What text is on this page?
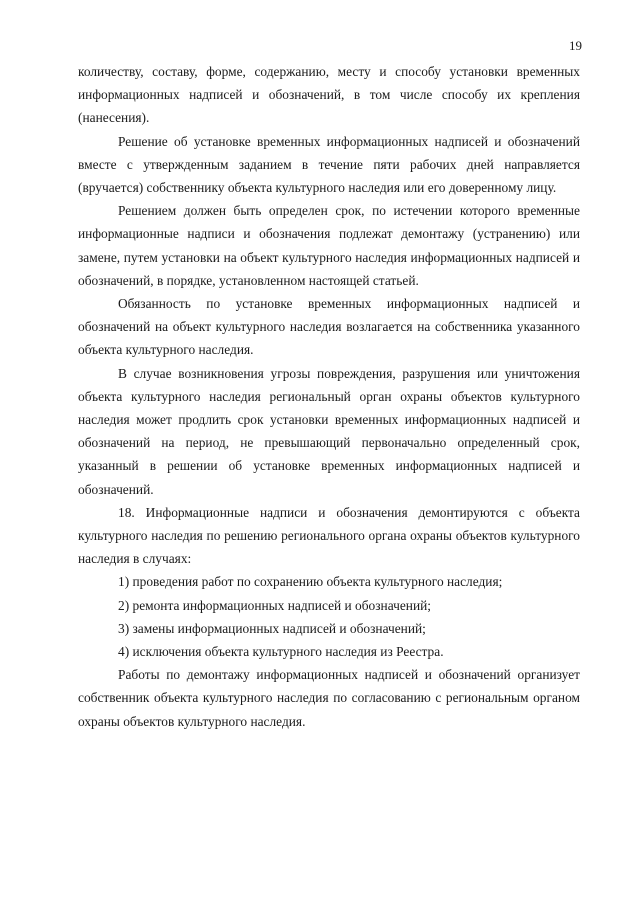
19

количеству, составу, форме, содержанию, месту и способу установки временных информационных надписей и обозначений, в том числе способу их крепления (нанесения).

Решение об установке временных информационных надписей и обозначений вместе с утвержденным заданием в течение пяти рабочих дней направляется (вручается) собственнику объекта культурного наследия или его доверенному лицу.

Решением должен быть определен срок, по истечении которого временные информационные надписи и обозначения подлежат демонтажу (устранению) или замене, путем установки на объект культурного наследия информационных надписей и обозначений, в порядке, установленном настоящей статьей.

Обязанность по установке временных информационных надписей и обозначений на объект культурного наследия возлагается на собственника указанного объекта культурного наследия.

В случае возникновения угрозы повреждения, разрушения или уничтожения объекта культурного наследия региональный орган охраны объектов культурного наследия может продлить срок установки временных информационных надписей и обозначений на период, не превышающий первоначально определенный срок, указанный в решении об установке временных информационных надписей и обозначений.

18. Информационные надписи и обозначения демонтируются с объекта культурного наследия по решению регионального органа охраны объектов культурного наследия в случаях:

1) проведения работ по сохранению объекта культурного наследия;

2) ремонта информационных надписей и обозначений;

3) замены информационных надписей и обозначений;

4) исключения объекта культурного наследия из Реестра.

Работы по демонтажу информационных надписей и обозначений организует собственник объекта культурного наследия по согласованию с региональным органом охраны объектов культурного наследия.
